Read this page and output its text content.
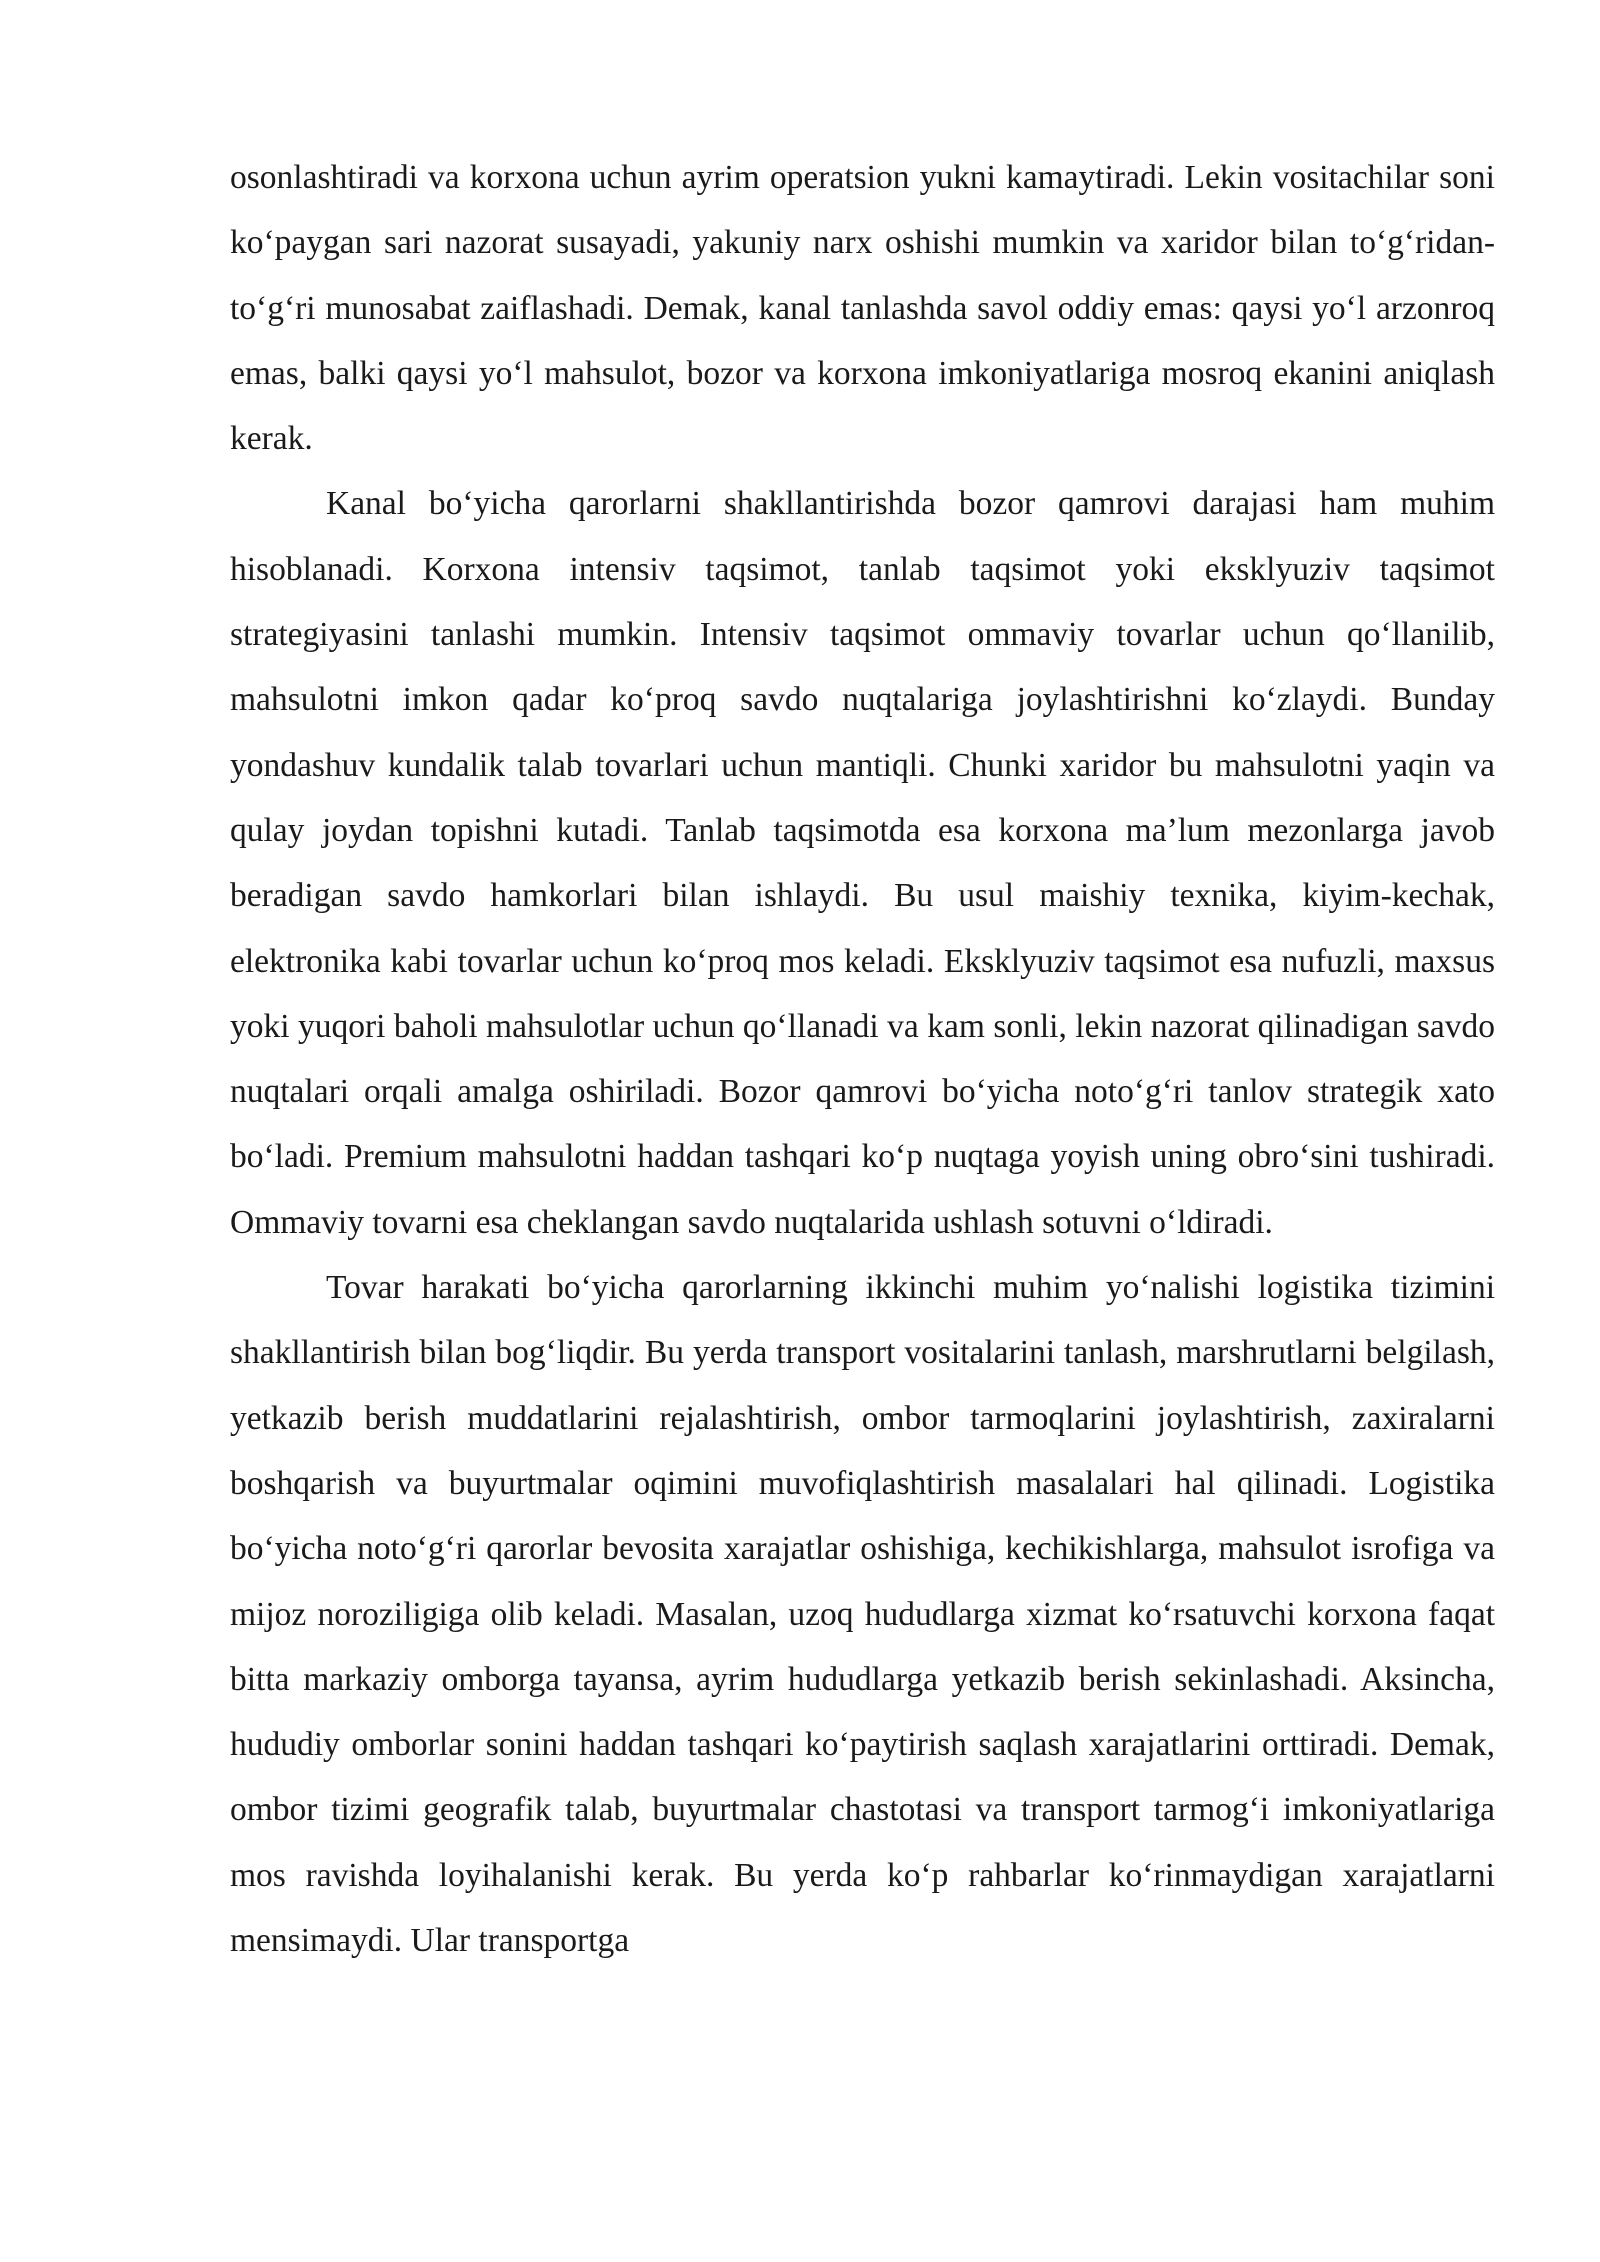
osonlashtiradi va korxona uchun ayrim operatsion yukni kamaytiradi. Lekin vositachilar soni ko‘paygan sari nazorat susayadi, yakuniy narx oshishi mumkin va xaridor bilan to‘g‘ridan-to‘g‘ri munosabat zaiflashadi. Demak, kanal tanlashda savol oddiy emas: qaysi yo‘l arzonroq emas, balki qaysi yo‘l mahsulot, bozor va korxona imkoniyatlariga mosroq ekanini aniqlash kerak.

Kanal bo‘yicha qarorlarni shakllantirishda bozor qamrovi darajasi ham muhim hisoblanadi. Korxona intensiv taqsimot, tanlab taqsimot yoki eksklyuziv taqsimot strategiyasini tanlashi mumkin. Intensiv taqsimot ommaviy tovarlar uchun qo‘llanilib, mahsulotni imkon qadar ko‘proq savdo nuqtalariga joylashtirishni ko‘zlaydi. Bunday yondashuv kundalik talab tovarlari uchun mantiqli. Chunki xaridor bu mahsulotni yaqin va qulay joydan topishni kutadi. Tanlab taqsimotda esa korxona ma’lum mezonlarga javob beradigan savdo hamkorlari bilan ishlaydi. Bu usul maishiy texnika, kiyim-kechak, elektronika kabi tovarlar uchun ko‘proq mos keladi. Eksklyuziv taqsimot esa nufuzli, maxsus yoki yuqori baholi mahsulotlar uchun qo‘llanadi va kam sonli, lekin nazorat qilinadigan savdo nuqtalari orqali amalga oshiriladi. Bozor qamrovi bo‘yicha noto‘g‘ri tanlov strategik xato bo‘ladi. Premium mahsulotni haddan tashqari ko‘p nuqtaga yoyish uning obro‘sini tushiradi. Ommaviy tovarni esa cheklangan savdo nuqtalarida ushlash sotuvni o‘ldiradi.

Tovar harakati bo‘yicha qarorlarning ikkinchi muhim yo‘nalishi logistika tizimini shakllantirish bilan bog‘liqdir. Bu yerda transport vositalarini tanlash, marshrutlarni belgilash, yetkazib berish muddatlarini rejalashtirish, ombor tarmoqlarini joylashtirish, zaxiralarni boshqarish va buyurtmalar oqimini muvofiqlashtirish masalalari hal qilinadi. Logistika bo‘yicha noto‘g‘ri qarorlar bevosita xarajatlar oshishiga, kechikishlarga, mahsulot isrofiga va mijoz noroziligiga olib keladi. Masalan, uzoq hududlarga xizmat ko‘rsatuvchi korxona faqat bitta markaziy omborga tayansa, ayrim hududlarga yetkazib berish sekinlashadi. Aksincha, hududiy omborlar sonini haddan tashqari ko‘paytirish saqlash xarajatlarini orttiradi. Demak, ombor tizimi geografik talab, buyurtmalar chastotasi va transport tarmog‘i imkoniyatlariga mos ravishda loyihalanishi kerak. Bu yerda ko‘p rahbarlar ko‘rinmaydigan xarajatlarni mensimaydi. Ular transportga
